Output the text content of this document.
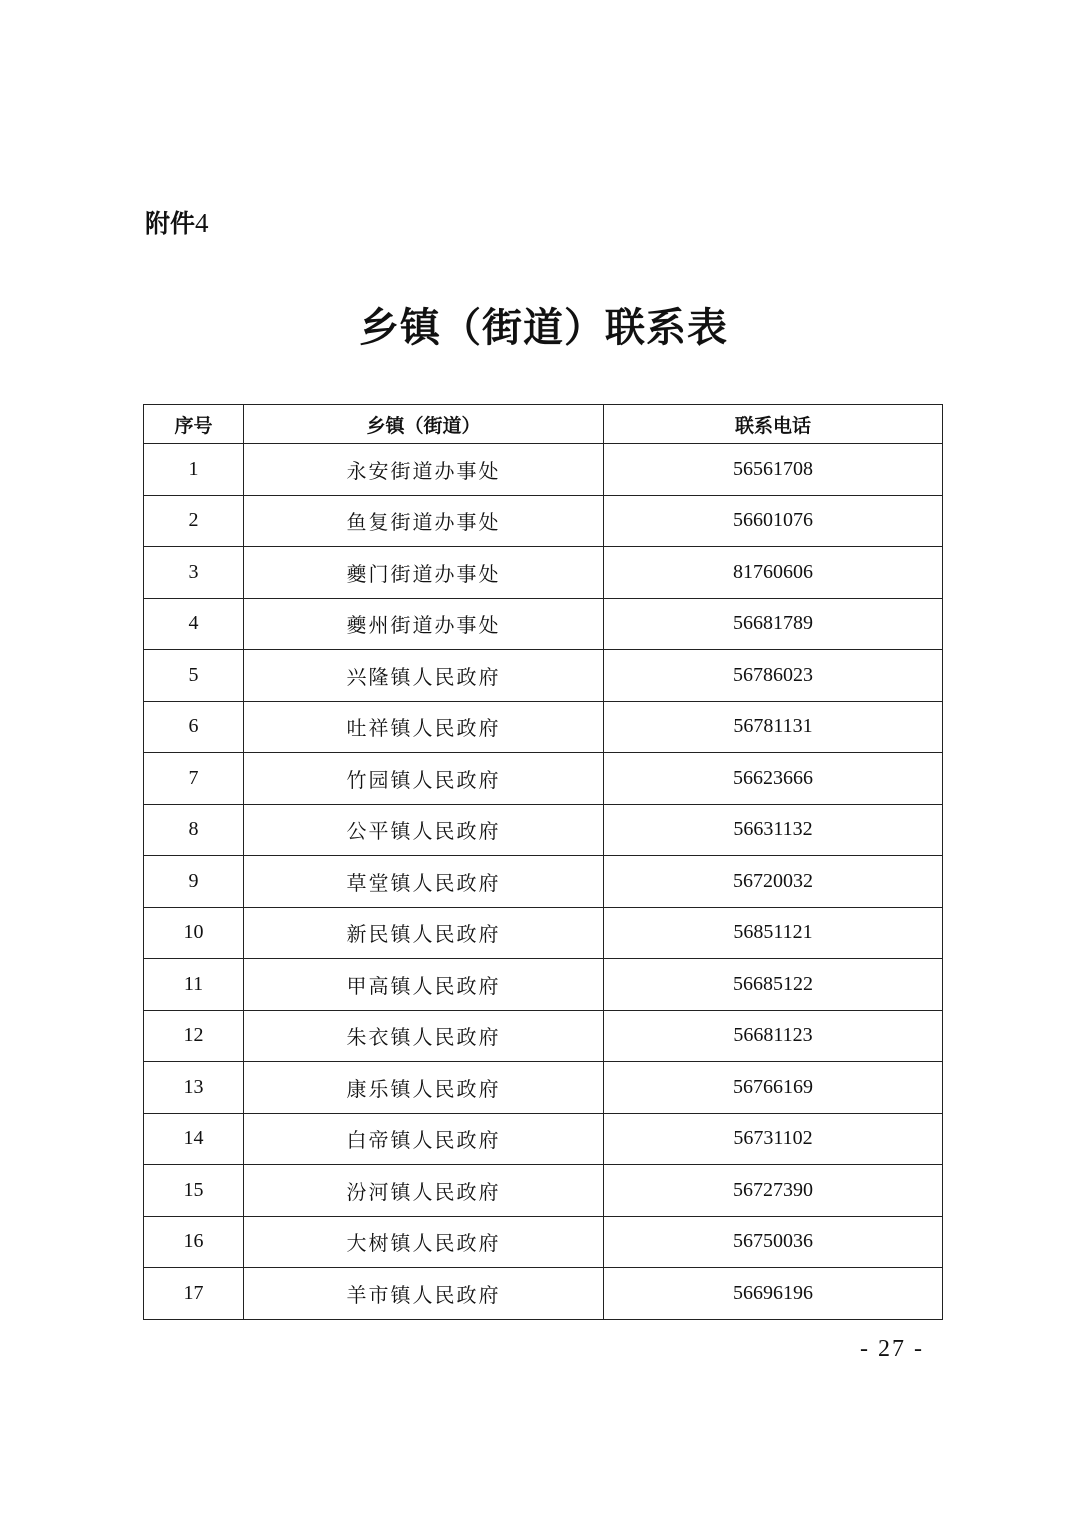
附件4
乡镇（街道）联系表
序号	乡镇（街道）	联系电话
1	永安街道办事处	56561708
2	鱼复街道办事处	56601076
3	夔门街道办事处	81760606
4	夔州街道办事处	56681789
5	兴隆镇人民政府	56786023
6	吐祥镇人民政府	56781131
7	竹园镇人民政府	56623666
8	公平镇人民政府	56631132
9	草堂镇人民政府	56720032
10	新民镇人民政府	56851121
11	甲高镇人民政府	56685122
12	朱衣镇人民政府	56681123
13	康乐镇人民政府	56766169
14	白帝镇人民政府	56731102
15	汾河镇人民政府	56727390
16	大树镇人民政府	56750036
17	羊市镇人民政府	56696196
- 27 -
